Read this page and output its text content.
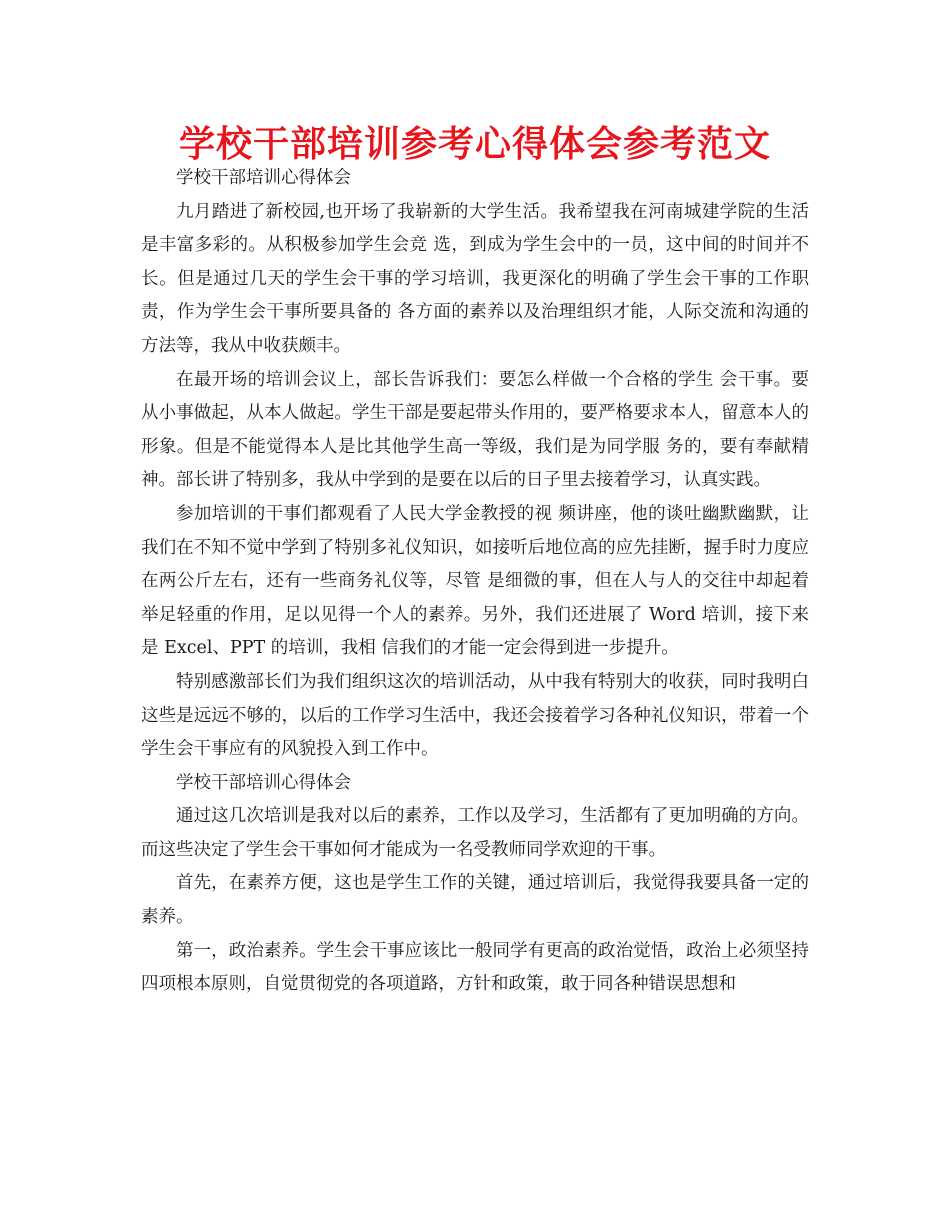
学校干部培训参考心得体会参考范文

学校干部培训心得体会

九月踏进了新校园,也开场了我崭新的大学生活。我希望我在河南城建学院的生活是丰富多彩的。从积极参加学生会竞 选，到成为学生会中的一员，这中间的时间并不长。但是通过几天的学生会干事的学习培训，我更深化的明确了学生会干事的工作职责，作为学生会干事所要具备的 各方面的素养以及治理组织才能，人际交流和沟通的方法等，我从中收获颇丰。

在最开场的培训会议上，部长告诉我们：要怎么样做一个合格的学生 会干事。要从小事做起，从本人做起。学生干部是要起带头作用的，要严格要求本人，留意本人的形象。但是不能觉得本人是比其他学生高一等级，我们是为同学服 务的，要有奉献精神。部长讲了特别多，我从中学到的是要在以后的日子里去接着学习，认真实践。

参加培训的干事们都观看了人民大学金教授的视 频讲座，他的谈吐幽默幽默，让我们在不知不觉中学到了特别多礼仪知识，如接听后地位高的应先挂断，握手时力度应在两公斤左右，还有一些商务礼仪等，尽管 是细微的事，但在人与人的交往中却起着举足轻重的作用，足以见得一个人的素养。另外，我们还进展了 Word 培训，接下来是 Excel、PPT 的培训，我相 信我们的才能一定会得到进一步提升。

特别感激部长们为我们组织这次的培训活动，从中我有特别大的收获，同时我明白这些是远远不够的，以后的工作学习生活中，我还会接着学习各种礼仪知识，带着一个学生会干事应有的风貌投入到工作中。

学校干部培训心得体会

通过这几次培训是我对以后的素养，工作以及学习，生活都有了更加明确的方向。而这些决定了学生会干事如何才能成为一名受教师同学欢迎的干事。

首先，在素养方便，这也是学生工作的关键，通过培训后，我觉得我要具备一定的素养。

第一，政治素养。学生会干事应该比一般同学有更高的政治觉悟，政治上必须坚持四项根本原则，自觉贯彻党的各项道路，方针和政策，敢于同各种错误思想和
